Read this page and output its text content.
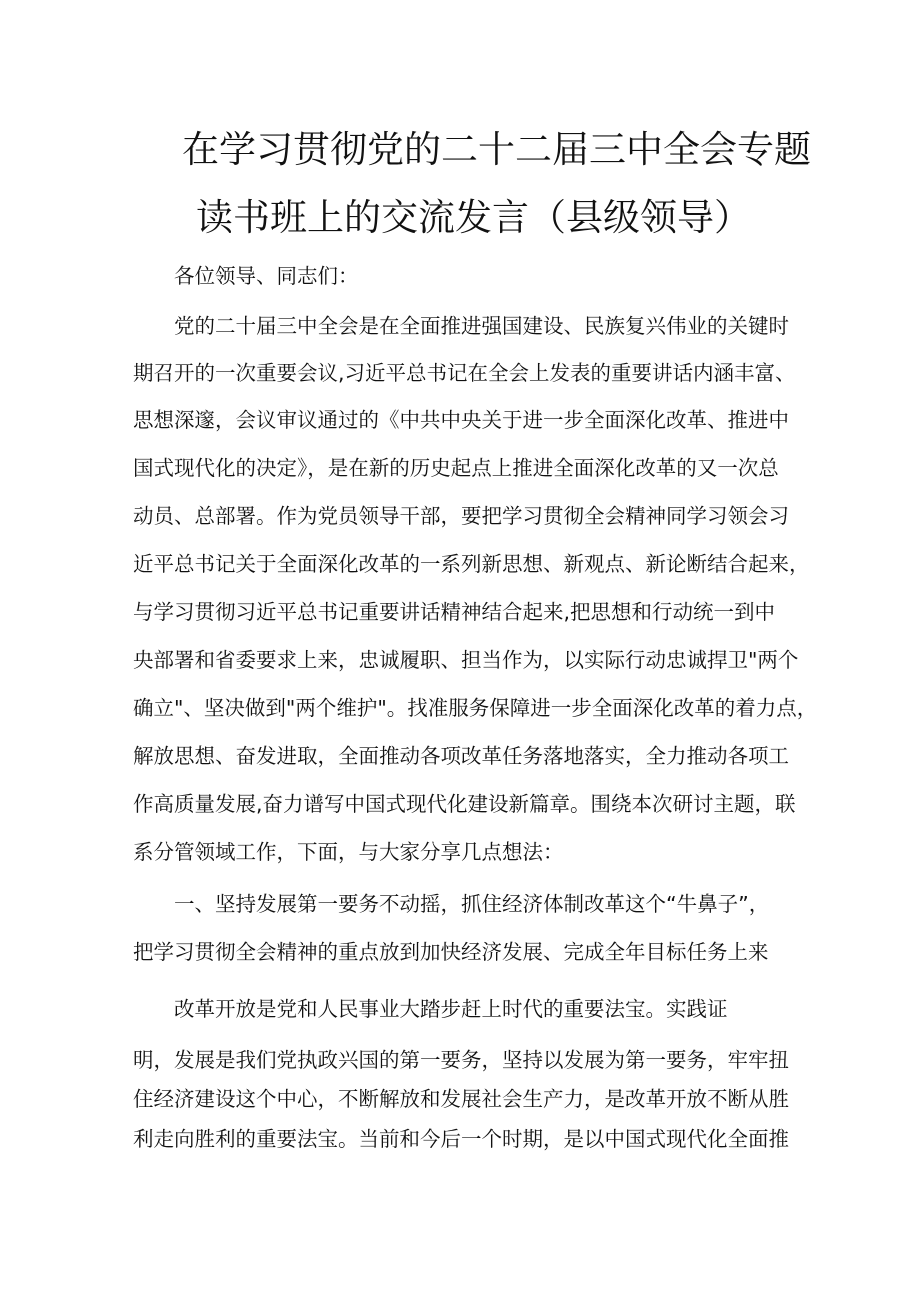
在学习贯彻党的二十二届三中全会专题
读书班上的交流发言（县级领导）
各位领导、同志们：
党的二十届三中全会是在全面推进强国建设、民族复兴伟业的关键时
期召开的一次重要会议,习近平总书记在全会上发表的重要讲话内涵丰富、
思想深邃，会议审议通过的《中共中央关于进一步全面深化改革、推进中
国式现代化的决定》，是在新的历史起点上推进全面深化改革的又一次总
动员、总部署。作为党员领导干部，要把学习贯彻全会精神同学习领会习
近平总书记关于全面深化改革的一系列新思想、新观点、新论断结合起来，
与学习贯彻习近平总书记重要讲话精神结合起来,把思想和行动统一到中
央部署和省委要求上来，忠诚履职、担当作为，以实际行动忠诚捍卫"两个
确立"、坚决做到"两个维护"。找准服务保障进一步全面深化改革的着力点，
解放思想、奋发进取，全面推动各项改革任务落地落实，全力推动各项工
作高质量发展,奋力谱写中国式现代化建设新篇章。围绕本次研讨主题，联
系分管领域工作，下面，与大家分享几点想法：
一、坚持发展第一要务不动摇，抓住经济体制改革这个“牛鼻子”，
把学习贯彻全会精神的重点放到加快经济发展、完成全年目标任务上来
改革开放是党和人民事业大踏步赶上时代的重要法宝。实践证
明，发展是我们党执政兴国的第一要务，坚持以发展为第一要务，牢牢扭
住经济建设这个中心，不断解放和发展社会生产力，是改革开放不断从胜
利走向胜利的重要法宝。当前和今后一个时期，是以中国式现代化全面推
